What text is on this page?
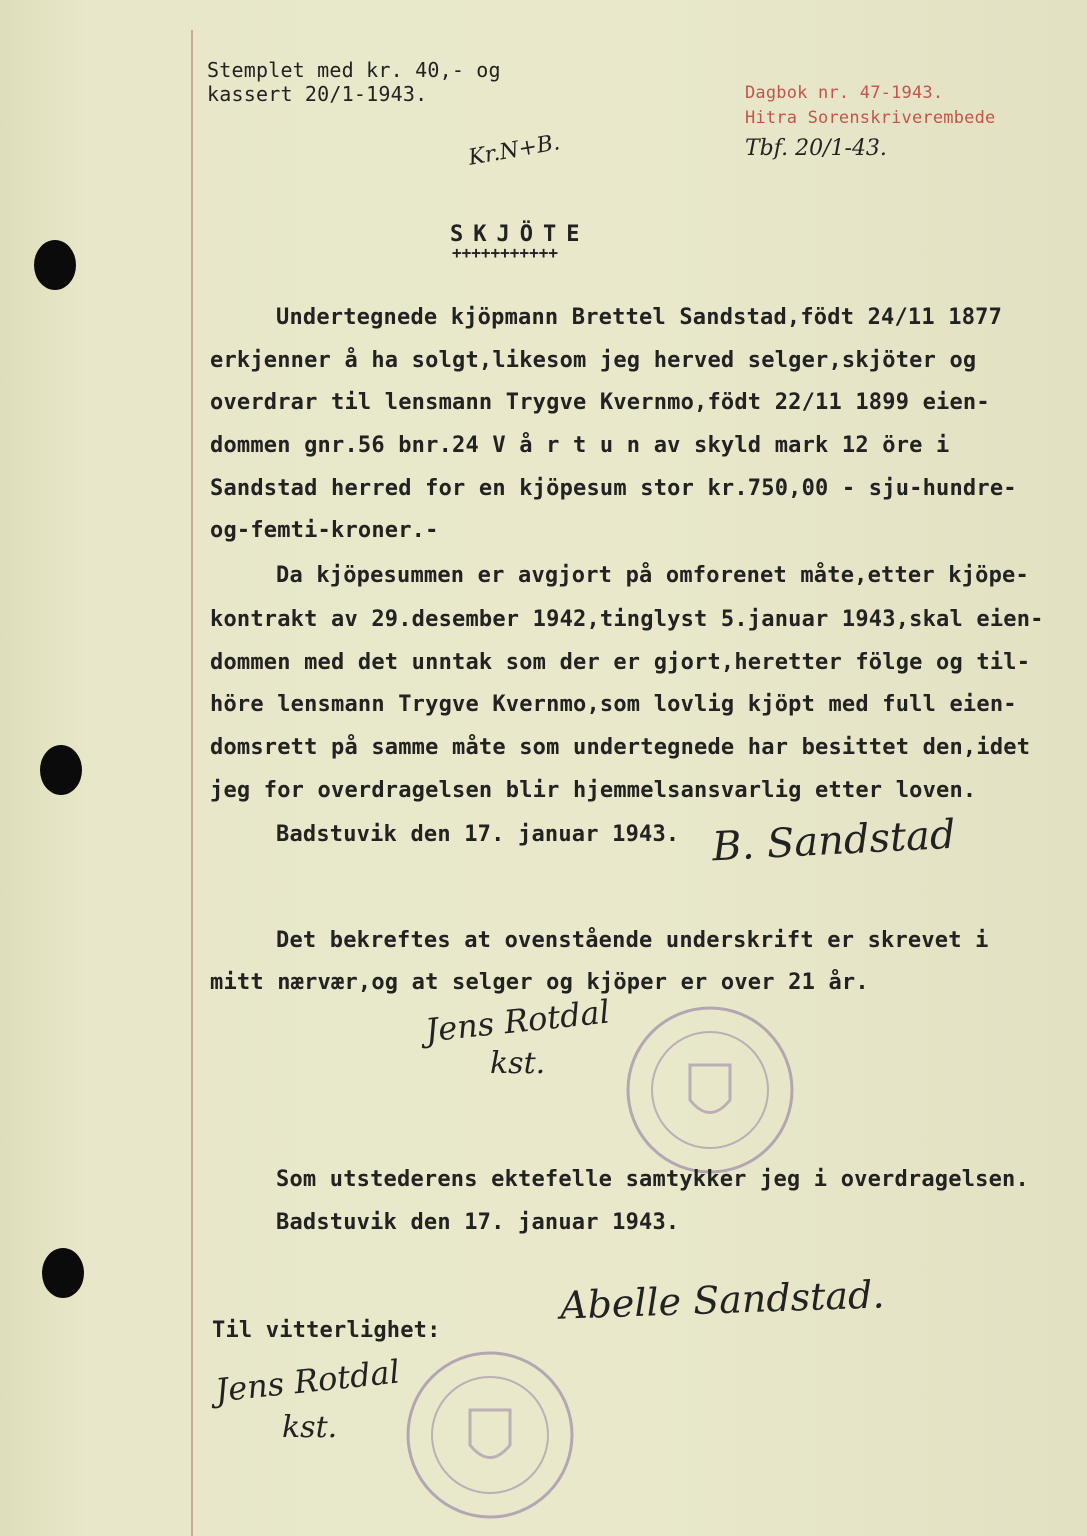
Stemplet med kr. 40,- og
kassert 20/1-1943.	Dagbok nr. 47-1943.
Hitra Sorenskriverembede
Tbf. 20/1-43.
Kr.N+B.
SKJÖTE
+++++++++++
Undertegnede kjöpmann Brettel Sandstad,födt 24/11 1877
erkjenner å ha solgt,likesom jeg herved selger,skjöter og
overdrar til lensmann Trygve Kvernmo,födt 22/11 1899 eien-
dommen gnr.56 bnr.24 V å r t u n av skyld mark 12 öre i
Sandstad herred for en kjöpesum stor kr.750,00 - sju-hundre-
og-femti-kroner.-
Da kjöpesummen er avgjort på omforenet måte,etter kjöpe-
kontrakt av 29.desember 1942,tinglyst 5.januar 1943,skal eien-
dommen med det unntak som der er gjort,heretter fölge og til-
höre lensmann Trygve Kvernmo,som lovlig kjöpt med full eien-
domsrett på samme måte som undertegnede har besittet den,idet
jeg for overdragelsen blir hjemmelsansvarlig etter loven.
Badstuvik den 17. januar 1943. B. Sandstad
Det bekreftes at ovenstående underskrift er skrevet i
mitt nærvær,og at selger og kjöper er over 21 år.
Jens Rotdal
kst.
Som utstederens ektefelle samtykker jeg i overdragelsen.
Badstuvik den 17. januar 1943.
Abelle Sandstad.
Til vitterlighet:
Jens Rotdal
kst.
